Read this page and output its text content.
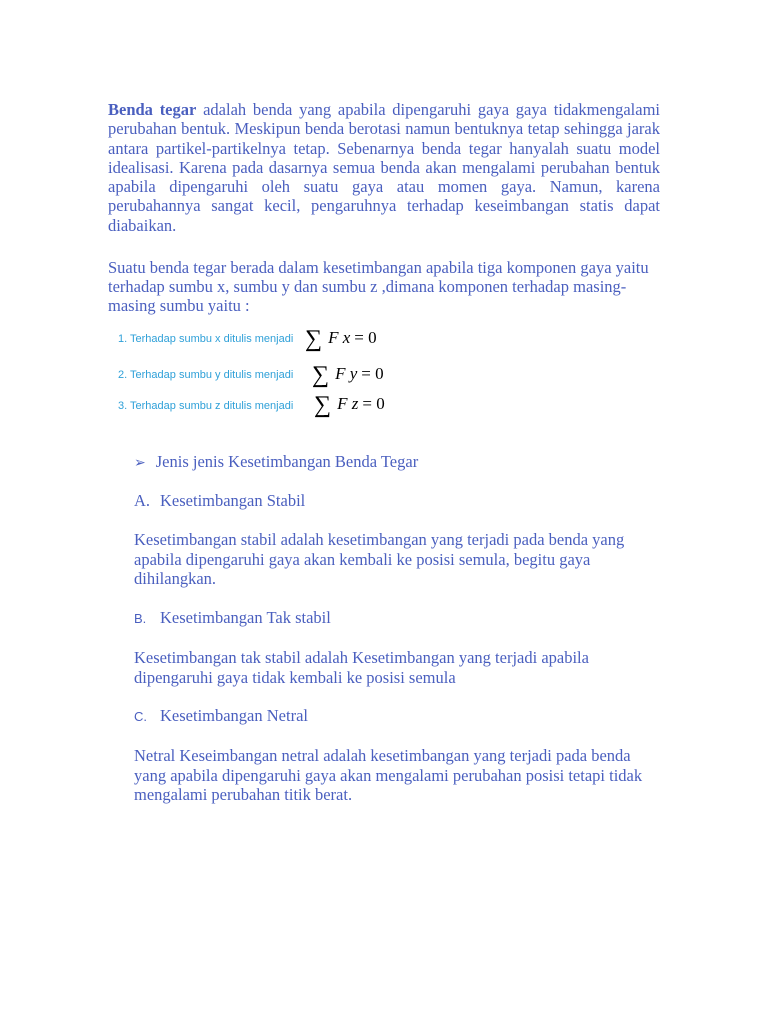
Benda tegar adalah benda yang apabila dipengaruhi gaya gaya tidakmengalami perubahan bentuk. Meskipun benda berotasi namun bentuknya tetap sehingga jarak antara partikel-partikelnya tetap. Sebenarnya benda tegar hanyalah suatu model idealisasi. Karena pada dasarnya semua benda akan mengalami perubahan bentuk apabila dipengaruhi oleh suatu gaya atau momen gaya. Namun, karena perubahannya sangat kecil, pengaruhnya terhadap keseimbangan statis dapat diabaikan.

Suatu benda tegar berada dalam kesetimbangan apabila tiga komponen gaya yaitu terhadap sumbu x, sumbu y dan sumbu z ,dimana komponen terhadap masing-masing sumbu yaitu :

1. Terhadap sumbu x ditulis menjadi ∑ F x = 0
2. Terhadap sumbu y ditulis menjadi ∑ F y = 0
3. Terhadap sumbu z ditulis menjadi ∑ F z = 0
➢ Jenis jenis Kesetimbangan Benda Tegar
A. Kesetimbangan Stabil

Kesetimbangan stabil adalah kesetimbangan yang terjadi pada benda yang apabila dipengaruhi gaya akan kembali ke posisi semula, begitu gaya dihilangkan.

B. Kesetimbangan Tak stabil

Kesetimbangan tak stabil adalah Kesetimbangan yang terjadi apabila dipengaruhi gaya tidak kembali ke posisi semula

C. Kesetimbangan Netral

Netral Keseimbangan netral adalah kesetimbangan yang terjadi pada benda yang apabila dipengaruhi gaya akan mengalami perubahan posisi tetapi tidak mengalami perubahan titik berat.
